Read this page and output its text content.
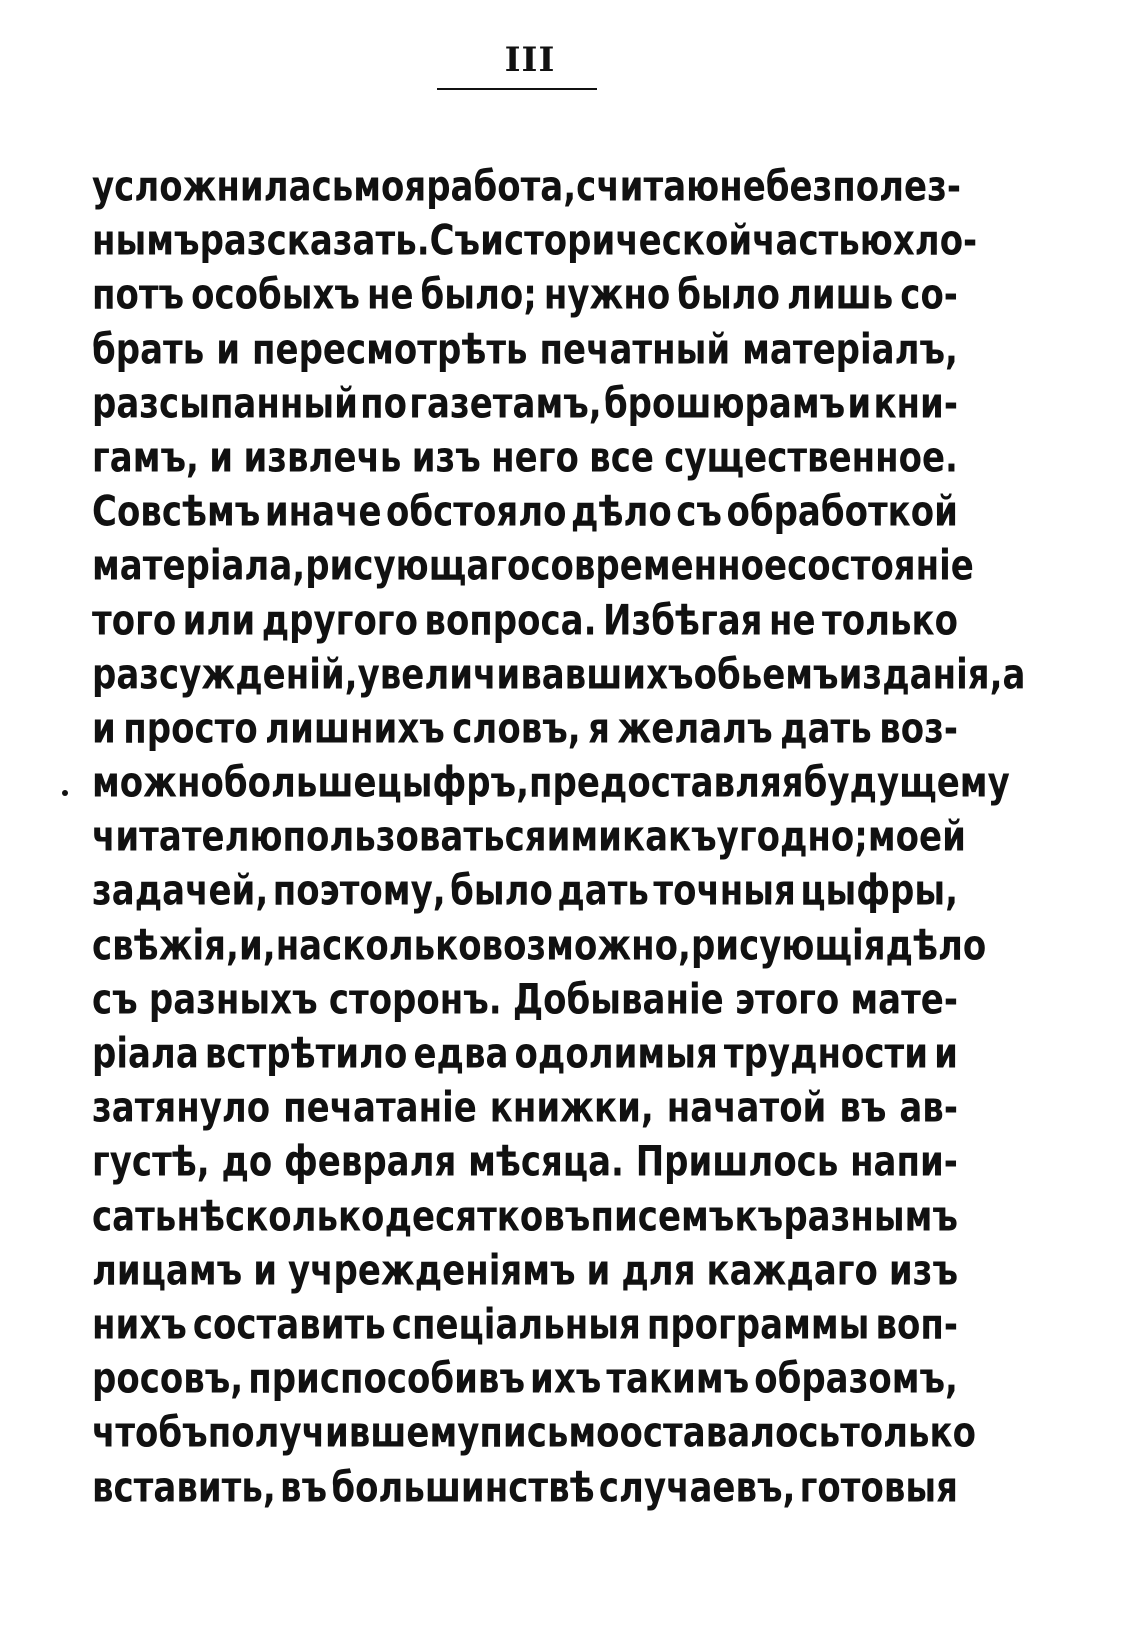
III
усложнилась моя работа, считаю небезполез-
нымъ разсказать. Съ исторической частью хло-
потъ особыхъ не было; нужно было лишь со-
брать и пересмотрѣть печатный матеріалъ,
разсыпанный по газетамъ, брошюрамъ и кни-
гамъ, и извлечь изъ него все существенное.
Совсѣмъ иначе обстояло дѣло съ обработкой
матеріала, рисующаго современное состояніе
того или другого вопроса. Избѣгая не только
разсужденій, увеличивавшихъ обьемъ изданія, а
и просто лишнихъ словъ, я желалъ дать воз-
можно больше цыфръ, предоставляя будущему
читателю пользоваться ими какъ угодно; моей
задачей, поэтому, было дать точныя цыфры,
свѣжія, и, насколько возможно, рисующія дѣло
съ разныхъ сторонъ. Добываніе этого мате-
ріала встрѣтило едва одолимыя трудности и
затянуло печатаніе книжки, начатой въ ав-
густѣ, до февраля мѣсяца. Пришлось напи-
сать нѣсколько десятковъ писемъ къ разнымъ
лицамъ и учрежденіямъ и для каждаго изъ
нихъ составить спеціальныя программы воп-
росовъ, приспособивъ ихъ такимъ образомъ,
чтобъ получившему письмо оставалось только
вставить, въ большинствѣ случаевъ, готовыя
